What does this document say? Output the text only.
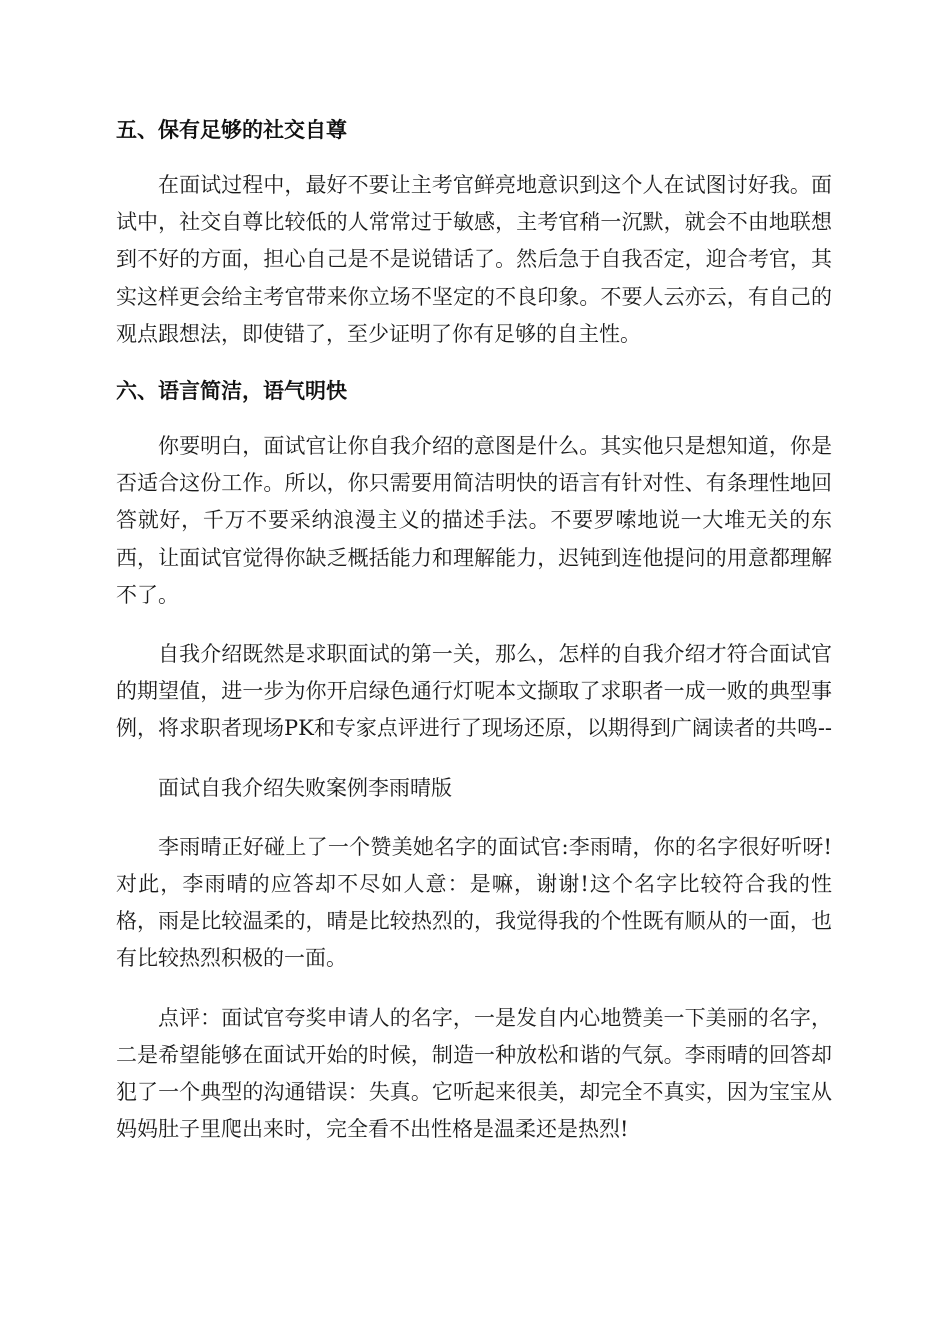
五、保有足够的社交自尊

在面试过程中，最好不要让主考官鲜亮地意识到这个人在试图讨好我。面试中，社交自尊比较低的人常常过于敏感，主考官稍一沉默，就会不由地联想到不好的方面，担心自己是不是说错话了。然后急于自我否定，迎合考官，其实这样更会给主考官带来你立场不坚定的不良印象。不要人云亦云，有自己的观点跟想法，即使错了，至少证明了你有足够的自主性。

六、语言简洁，语气明快

你要明白，面试官让你自我介绍的意图是什么。其实他只是想知道，你是否适合这份工作。所以，你只需要用简洁明快的语言有针对性、有条理性地回答就好，千万不要采纳浪漫主义的描述手法。不要罗嗦地说一大堆无关的东西，让面试官觉得你缺乏概括能力和理解能力，迟钝到连他提问的用意都理解不了。

自我介绍既然是求职面试的第一关，那么，怎样的自我介绍才符合面试官的期望值，进一步为你开启绿色通行灯呢本文撷取了求职者一成一败的典型事例，将求职者现场PK和专家点评进行了现场还原，以期得到广阔读者的共鸣--

面试自我介绍失败案例李雨晴版

李雨晴正好碰上了一个赞美她名字的面试官:李雨晴，你的名字很好听呀!对此，李雨晴的应答却不尽如人意：是嘛，谢谢!这个名字比较符合我的性格，雨是比较温柔的，晴是比较热烈的，我觉得我的个性既有顺从的一面，也有比较热烈积极的一面。

点评：面试官夸奖申请人的名字，一是发自内心地赞美一下美丽的名字，二是希望能够在面试开始的时候，制造一种放松和谐的气氛。李雨晴的回答却犯了一个典型的沟通错误：失真。它听起来很美，却完全不真实，因为宝宝从妈妈肚子里爬出来时，完全看不出性格是温柔还是热烈!
